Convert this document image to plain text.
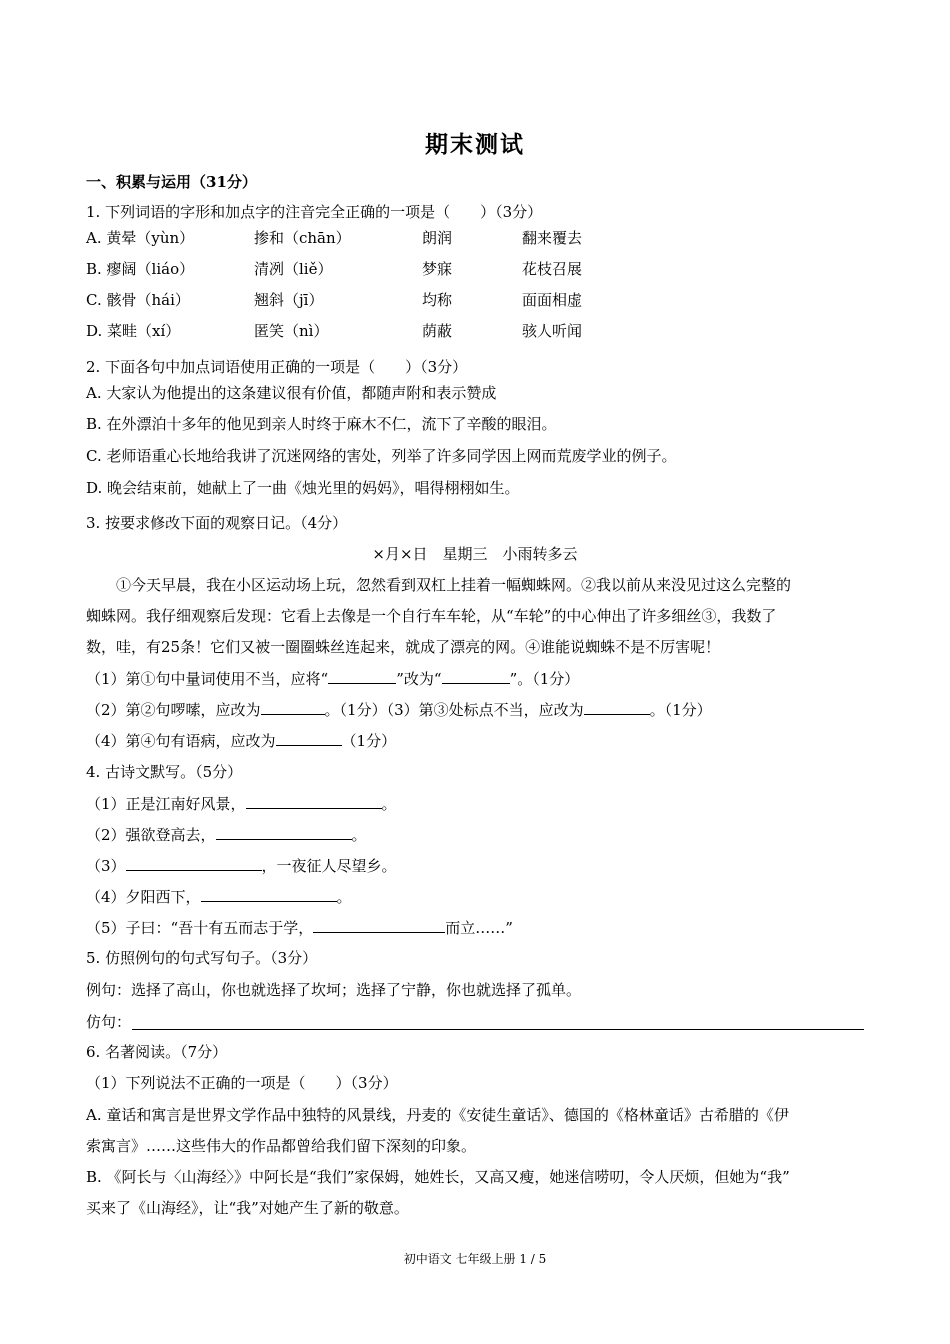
期末测试
一、积累与运用（31分）
1. 下列词语的字形和加点字的注音完全正确的一项是（　　）（3分）
A. 黄晕（yùn）	掺和（chān）	朗润	翻来覆去
B. 瘳阔（liáo）	清冽（liě）	梦寐	花枝召展
C. 骸骨（hái）	翘斜（jī）	均称	面面相虚
D. 菜畦（xí）	匿笑（nì）	荫蔽	骇人听闻
2. 下面各句中加点词语使用正确的一项是（　　）（3分）
A. 大家认为他提出的这条建议很有价值，都随声附和表示赞成
B. 在外漂泊十多年的他见到亲人时终于麻木不仁，流下了辛酸的眼泪。
C. 老师语重心长地给我讲了沉迷网络的害处，列举了许多同学因上网而荒废学业的例子。
D. 晚会结束前，她献上了一曲《烛光里的妈妈》，唱得栩栩如生。
3. 按要求修改下面的观察日记。（4分）
×月×日　星期三　小雨转多云
①今天早晨，我在小区运动场上玩，忽然看到双杠上挂着一幅蜘蛛网。②我以前从来没见过这么完整的
蜘蛛网。我仔细观察后发现：它看上去像是一个自行车车轮，从“车轮”的中心伸出了许多细丝③，我数了
数，哇，有25条！它们又被一圈圈蛛丝连起来，就成了漂亮的网。④谁能说蜘蛛不是不厉害呢！
（1）第①句中量词使用不当，应将“	”改为“	”。（1分）
（2）第②句啰嗦，应改为	。（1分）（3）第③处标点不当，应改为	。（1分）
（4）第④句有语病，应改为	（1分）
4. 古诗文默写。（5分）
（1）正是江南好风景，	。
（2）强欲登高去，	。
（3）	，一夜征人尽望乡。
（4）夕阳西下，	。
（5）子曰：“吾十有五而志于学，	而立……”
5. 仿照例句的句式写句子。（3分）
例句：选择了高山，你也就选择了坎坷；选择了宁静，你也就选择了孤单。
仿句：
6. 名著阅读。（7分）
（1）下列说法不正确的一项是（　　）（3分）
A. 童话和寓言是世界文学作品中独特的风景线，丹麦的《安徒生童话》、德国的《格林童话》古希腊的《伊
索寓言》……这些伟大的作品都曾给我们留下深刻的印象。
B. 《阿长与〈山海经〉》中阿长是“我们”家保姆，她姓长，又高又瘦，她迷信唠叨，令人厌烦，但她为“我”
买来了《山海经》，让“我”对她产生了新的敬意。
初中语文 七年级上册 1 / 5
